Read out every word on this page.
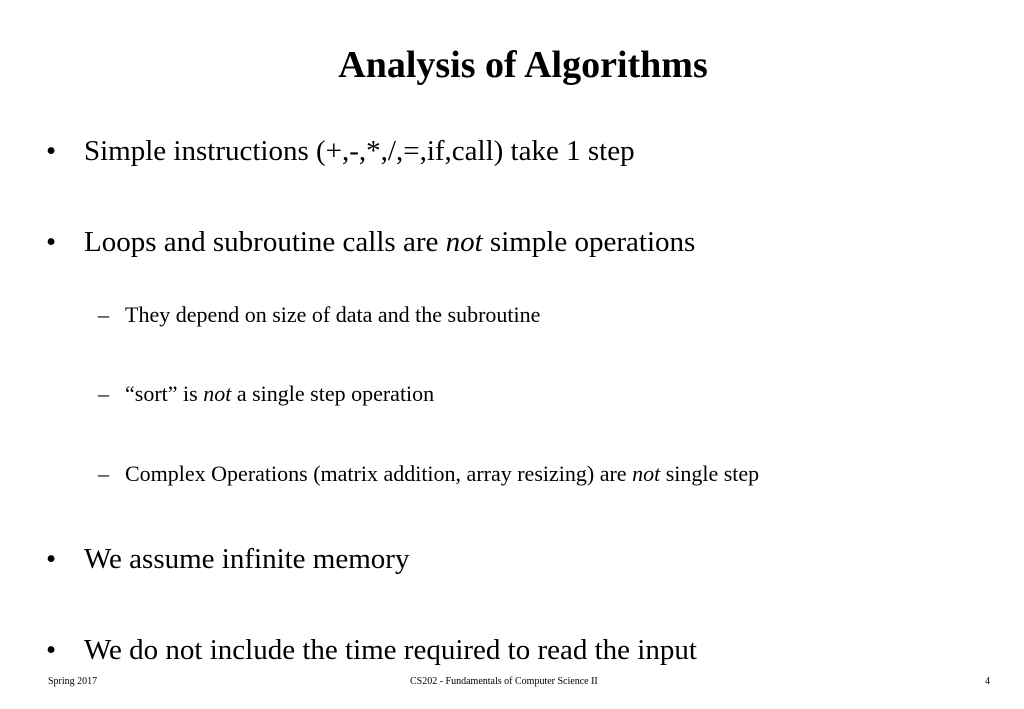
Analysis of Algorithms
• Simple instructions (+,-,*,/,=,if,call) take 1 step
• Loops and subroutine calls are not simple operations
– They depend on size of data and the subroutine
– “sort” is not a single step operation
– Complex Operations (matrix addition, array resizing) are not single step
• We assume infinite memory
• We do not include the time required to read the input
Spring 2017	CS202 - Fundamentals of Computer Science II	4
